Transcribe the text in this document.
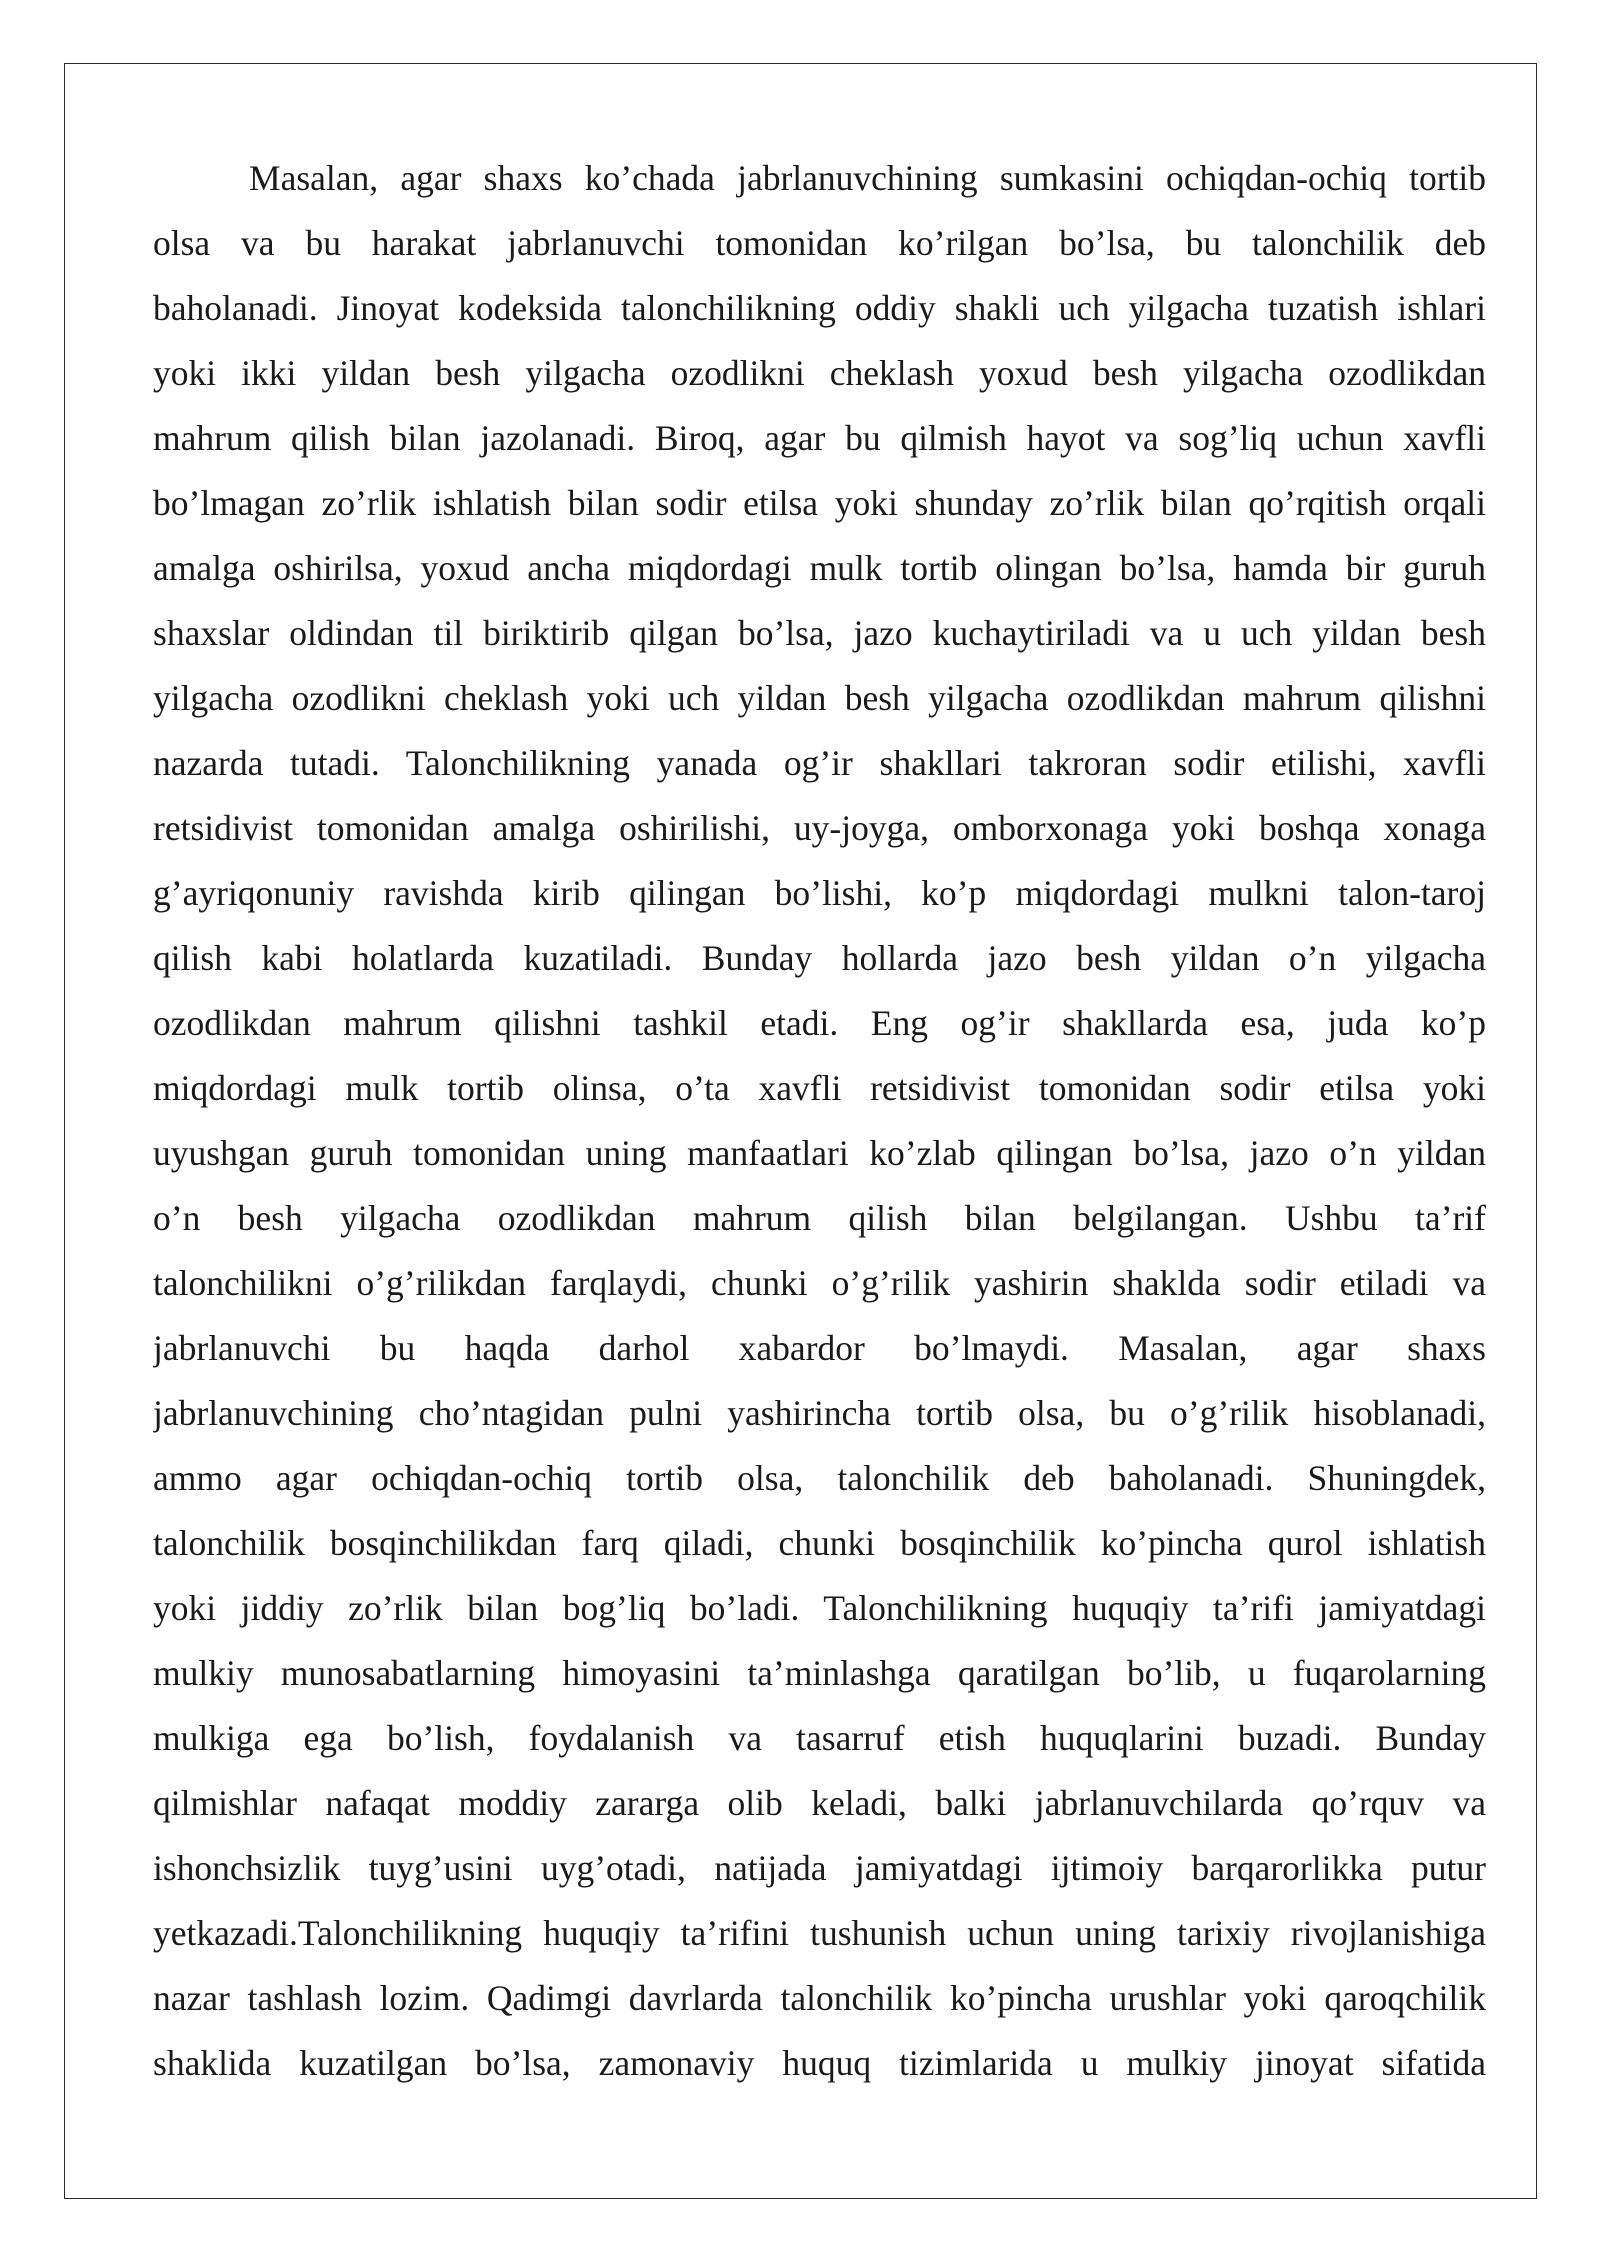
Masalan, agar shaxs ko’chada jabrlanuvchining sumkasini ochiqdan-ochiq tortib
olsa va bu harakat jabrlanuvchi tomonidan ko’rilgan bo’lsa, bu talonchilik deb
baholanadi. Jinoyat kodeksida talonchilikning oddiy shakli uch yilgacha tuzatish ishlari
yoki ikki yildan besh yilgacha ozodlikni cheklash yoxud besh yilgacha ozodlikdan
mahrum qilish bilan jazolanadi. Biroq, agar bu qilmish hayot va sog’liq uchun xavfli
bo’lmagan zo’rlik ishlatish bilan sodir etilsa yoki shunday zo’rlik bilan qo’rqitish orqali
amalga oshirilsa, yoxud ancha miqdordagi mulk tortib olingan bo’lsa, hamda bir guruh
shaxslar oldindan til biriktirib qilgan bo’lsa, jazo kuchaytiriladi va u uch yildan besh
yilgacha ozodlikni cheklash yoki uch yildan besh yilgacha ozodlikdan mahrum qilishni
nazarda tutadi. Talonchilikning yanada og’ir shakllari takroran sodir etilishi, xavfli
retsidivist tomonidan amalga oshirilishi, uy-joyga, omborxonaga yoki boshqa xonaga
g’ayriqonuniy ravishda kirib qilingan bo’lishi, ko’p miqdordagi mulkni talon-taroj
qilish kabi holatlarda kuzatiladi. Bunday hollarda jazo besh yildan o’n yilgacha
ozodlikdan mahrum qilishni tashkil etadi. Eng og’ir shakllarda esa, juda ko’p
miqdordagi mulk tortib olinsa, o’ta xavfli retsidivist tomonidan sodir etilsa yoki
uyushgan guruh tomonidan uning manfaatlari ko’zlab qilingan bo’lsa, jazo o’n yildan
o’n besh yilgacha ozodlikdan mahrum qilish bilan belgilangan. Ushbu ta’rif
talonchilikni o’g’rilikdan farqlaydi, chunki o’g’rilik yashirin shaklda sodir etiladi va
jabrlanuvchi bu haqda darhol xabardor bo’lmaydi. Masalan, agar shaxs
jabrlanuvchining cho’ntagidan pulni yashirincha tortib olsa, bu o’g’rilik hisoblanadi,
ammo agar ochiqdan-ochiq tortib olsa, talonchilik deb baholanadi. Shuningdek,
talonchilik bosqinchilikdan farq qiladi, chunki bosqinchilik ko’pincha qurol ishlatish
yoki jiddiy zo’rlik bilan bog’liq bo’ladi. Talonchilikning huquqiy ta’rifi jamiyatdagi
mulkiy munosabatlarning himoyasini ta’minlashga qaratilgan bo’lib, u fuqarolarning
mulkiga ega bo’lish, foydalanish va tasarruf etish huquqlarini buzadi. Bunday
qilmishlar nafaqat moddiy zararga olib keladi, balki jabrlanuvchilarda qo’rquv va
ishonchsizlik tuyg’usini uyg’otadi, natijada jamiyatdagi ijtimoiy barqarorlikka putur
yetkazadi.Talonchilikning huquqiy ta’rifini tushunish uchun uning tarixiy rivojlanishiga
nazar tashlash lozim. Qadimgi davrlarda talonchilik ko’pincha urushlar yoki qaroqchilik
shaklida kuzatilgan bo’lsa, zamonaviy huquq tizimlarida u mulkiy jinoyat sifatida
